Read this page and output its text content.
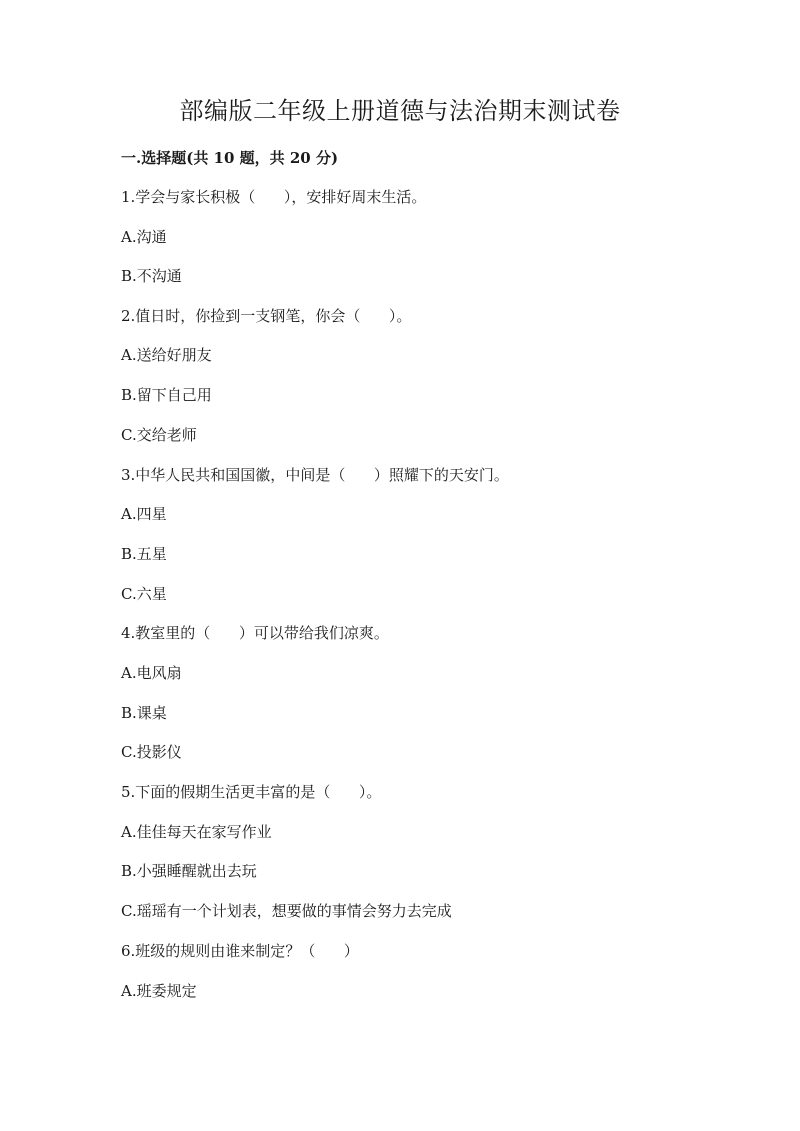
部编版二年级上册道德与法治期末测试卷
一.选择题(共 10 题，共 20 分)
1.学会与家长积极（      ），安排好周末生活。
A.沟通
B.不沟通
2.值日时，你捡到一支钢笔，你会（      ）。
A.送给好朋友
B.留下自己用
C.交给老师
3.中华人民共和国国徽，中间是（      ）照耀下的天安门。
A.四星
B.五星
C.六星
4.教室里的（      ）可以带给我们凉爽。
A.电风扇
B.课桌
C.投影仪
5.下面的假期生活更丰富的是（      ）。
A.佳佳每天在家写作业
B.小强睡醒就出去玩
C.瑶瑶有一个计划表，想要做的事情会努力去完成
6.班级的规则由谁来制定？（      ）
A.班委规定
